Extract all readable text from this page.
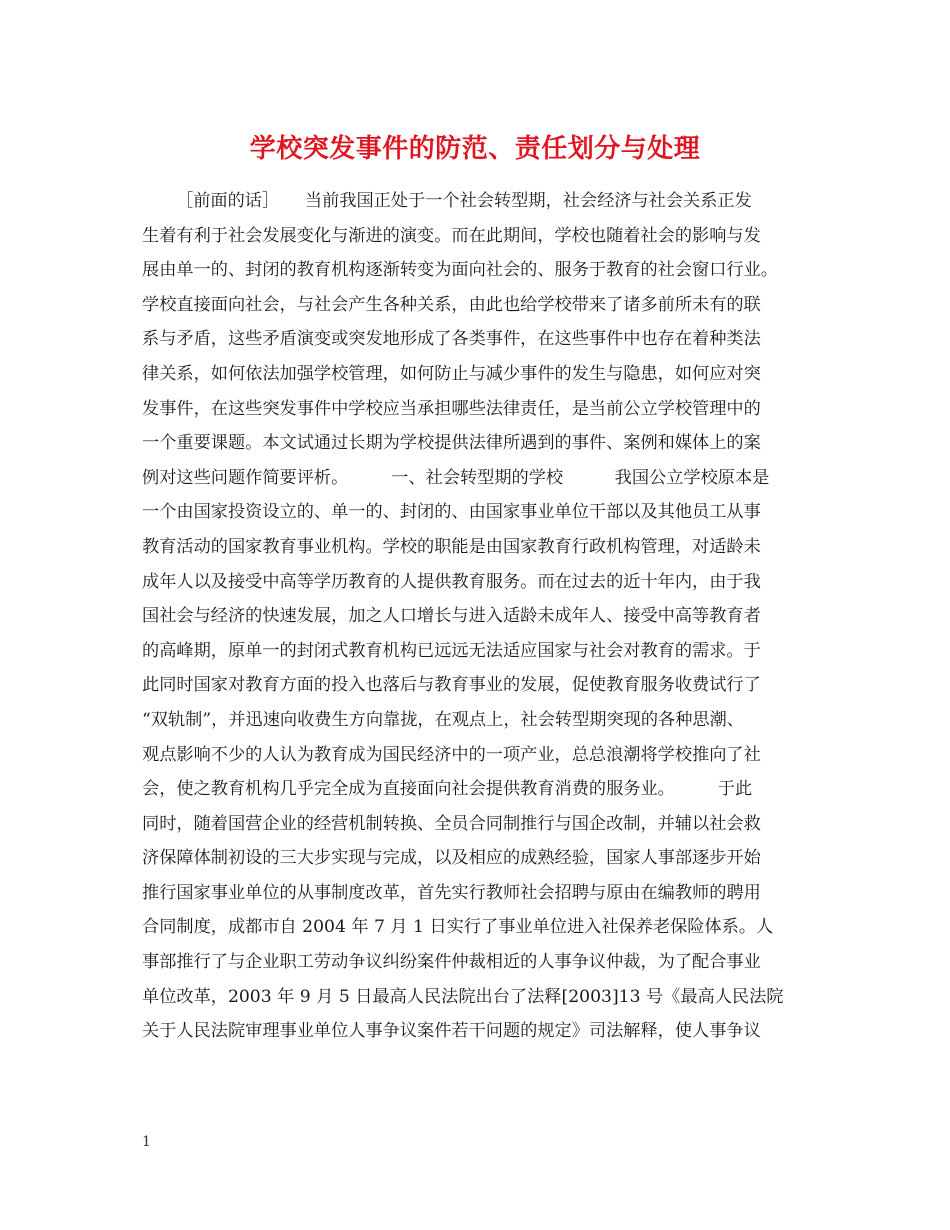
学校突发事件的防范、责任划分与处理
［前面的话］　　当前我国正处于一个社会转型期，社会经济与社会关系正发
生着有利于社会发展变化与渐进的演变。而在此期间，学校也随着社会的影响与发
展由单一的、封闭的教育机构逐渐转变为面向社会的、服务于教育的社会窗口行业。
学校直接面向社会，与社会产生各种关系，由此也给学校带来了诸多前所未有的联
系与矛盾，这些矛盾演变或突发地形成了各类事件，在这些事件中也存在着种类法
律关系，如何依法加强学校管理，如何防止与减少事件的发生与隐患，如何应对突
发事件，在这些突发事件中学校应当承担哪些法律责任，是当前公立学校管理中的
一个重要课题。本文试通过长期为学校提供法律所遇到的事件、案例和媒体上的案
例对这些问题作简要评析。　　　一、社会转型期的学校　　　我国公立学校原本是
一个由国家投资设立的、单一的、封闭的、由国家事业单位干部以及其他员工从事
教育活动的国家教育事业机构。学校的职能是由国家教育行政机构管理，对适龄未
成年人以及接受中高等学历教育的人提供教育服务。而在过去的近十年内，由于我
国社会与经济的快速发展，加之人口增长与进入适龄未成年人、接受中高等教育者
的高峰期，原单一的封闭式教育机构已远远无法适应国家与社会对教育的需求。于
此同时国家对教育方面的投入也落后与教育事业的发展，促使教育服务收费试行了
“双轨制”，并迅速向收费生方向靠拢，在观点上，社会转型期突现的各种思潮、
观点影响不少的人认为教育成为国民经济中的一项产业，总总浪潮将学校推向了社
会，使之教育机构几乎完全成为直接面向社会提供教育消费的服务业。　　　于此
同时，随着国营企业的经营机制转换、全员合同制推行与国企改制，并辅以社会救
济保障体制初设的三大步实现与完成，以及相应的成熟经验，国家人事部逐步开始
推行国家事业单位的从事制度改革，首先实行教师社会招聘与原由在编教师的聘用
合同制度，成都市自 2004 年 7 月 1 日实行了事业单位进入社保养老保险体系。人
事部推行了与企业职工劳动争议纠纷案件仲裁相近的人事争议仲裁，为了配合事业
单位改革，2003 年 9 月 5 日最高人民法院出台了法释[2003]13 号《最高人民法院
关于人民法院审理事业单位人事争议案件若干问题的规定》司法解释，使人事争议
1
